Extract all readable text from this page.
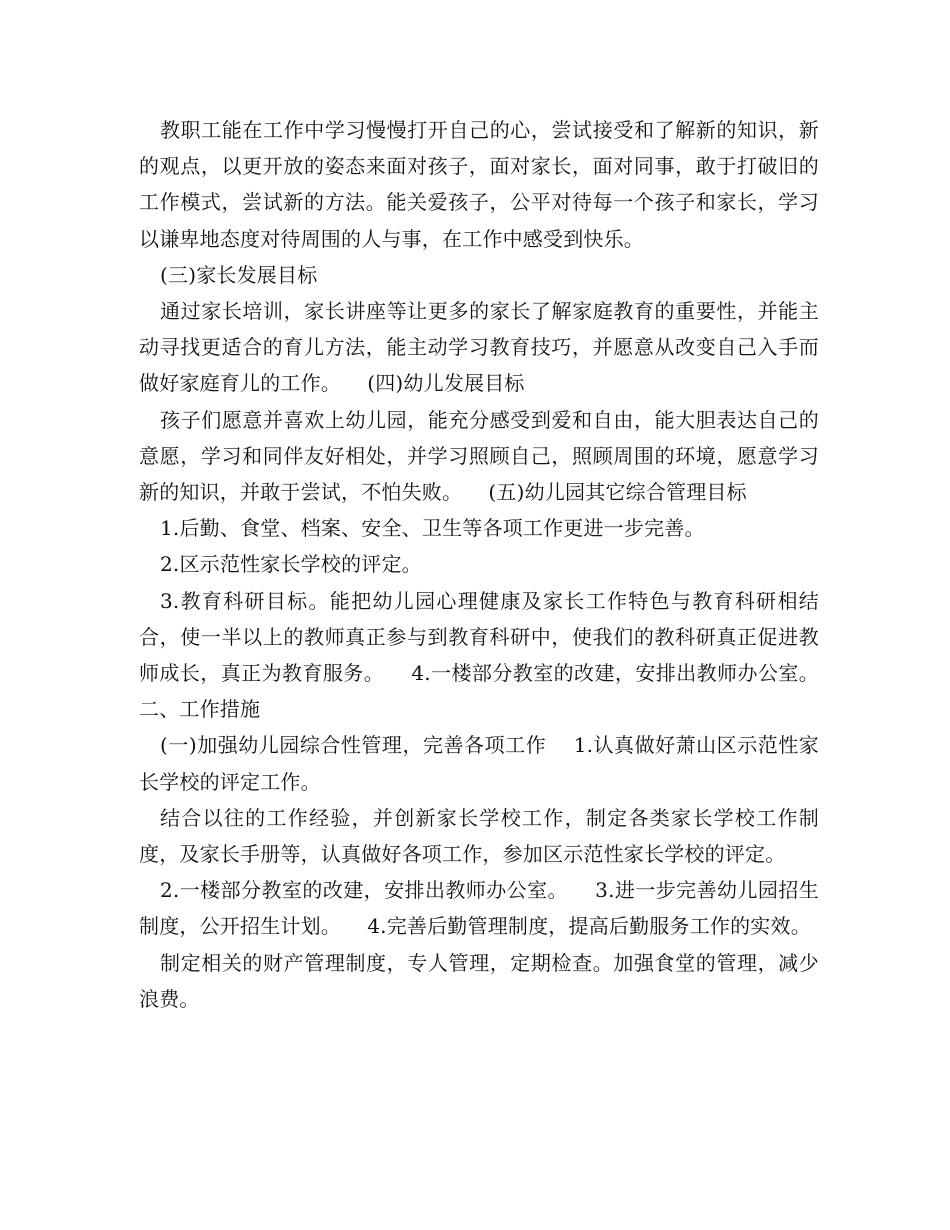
教职工能在工作中学习慢慢打开自己的心，尝试接受和了解新的知识，新的观点，以更开放的姿态来面对孩子，面对家长，面对同事，敢于打破旧的工作模式，尝试新的方法。能关爱孩子，公平对待每一个孩子和家长，学习以谦卑地态度对待周围的人与事，在工作中感受到快乐。

(三)家长发展目标

通过家长培训，家长讲座等让更多的家长了解家庭教育的重要性，并能主动寻找更适合的育儿方法，能主动学习教育技巧，并愿意从改变自己入手而做好家庭育儿的工作。    (四)幼儿发展目标

孩子们愿意并喜欢上幼儿园，能充分感受到爱和自由，能大胆表达自己的意愿，学习和同伴友好相处，并学习照顾自己，照顾周围的环境，愿意学习新的知识，并敢于尝试，不怕失败。    (五)幼儿园其它综合管理目标

1.后勤、食堂、档案、安全、卫生等各项工作更进一步完善。

2.区示范性家长学校的评定。

3.教育科研目标。能把幼儿园心理健康及家长工作特色与教育科研相结合，使一半以上的教师真正参与到教育科研中，使我们的教科研真正促进教师成长，真正为教育服务。    4.一楼部分教室的改建，安排出教师办公室。    二、工作措施

(一)加强幼儿园综合性管理，完善各项工作    1.认真做好萧山区示范性家长学校的评定工作。

结合以往的工作经验，并创新家长学校工作，制定各类家长学校工作制度，及家长手册等，认真做好各项工作，参加区示范性家长学校的评定。

2.一楼部分教室的改建，安排出教师办公室。    3.进一步完善幼儿园招生制度，公开招生计划。    4.完善后勤管理制度，提高后勤服务工作的实效。

制定相关的财产管理制度，专人管理，定期检查。加强食堂的管理，减少浪费。
